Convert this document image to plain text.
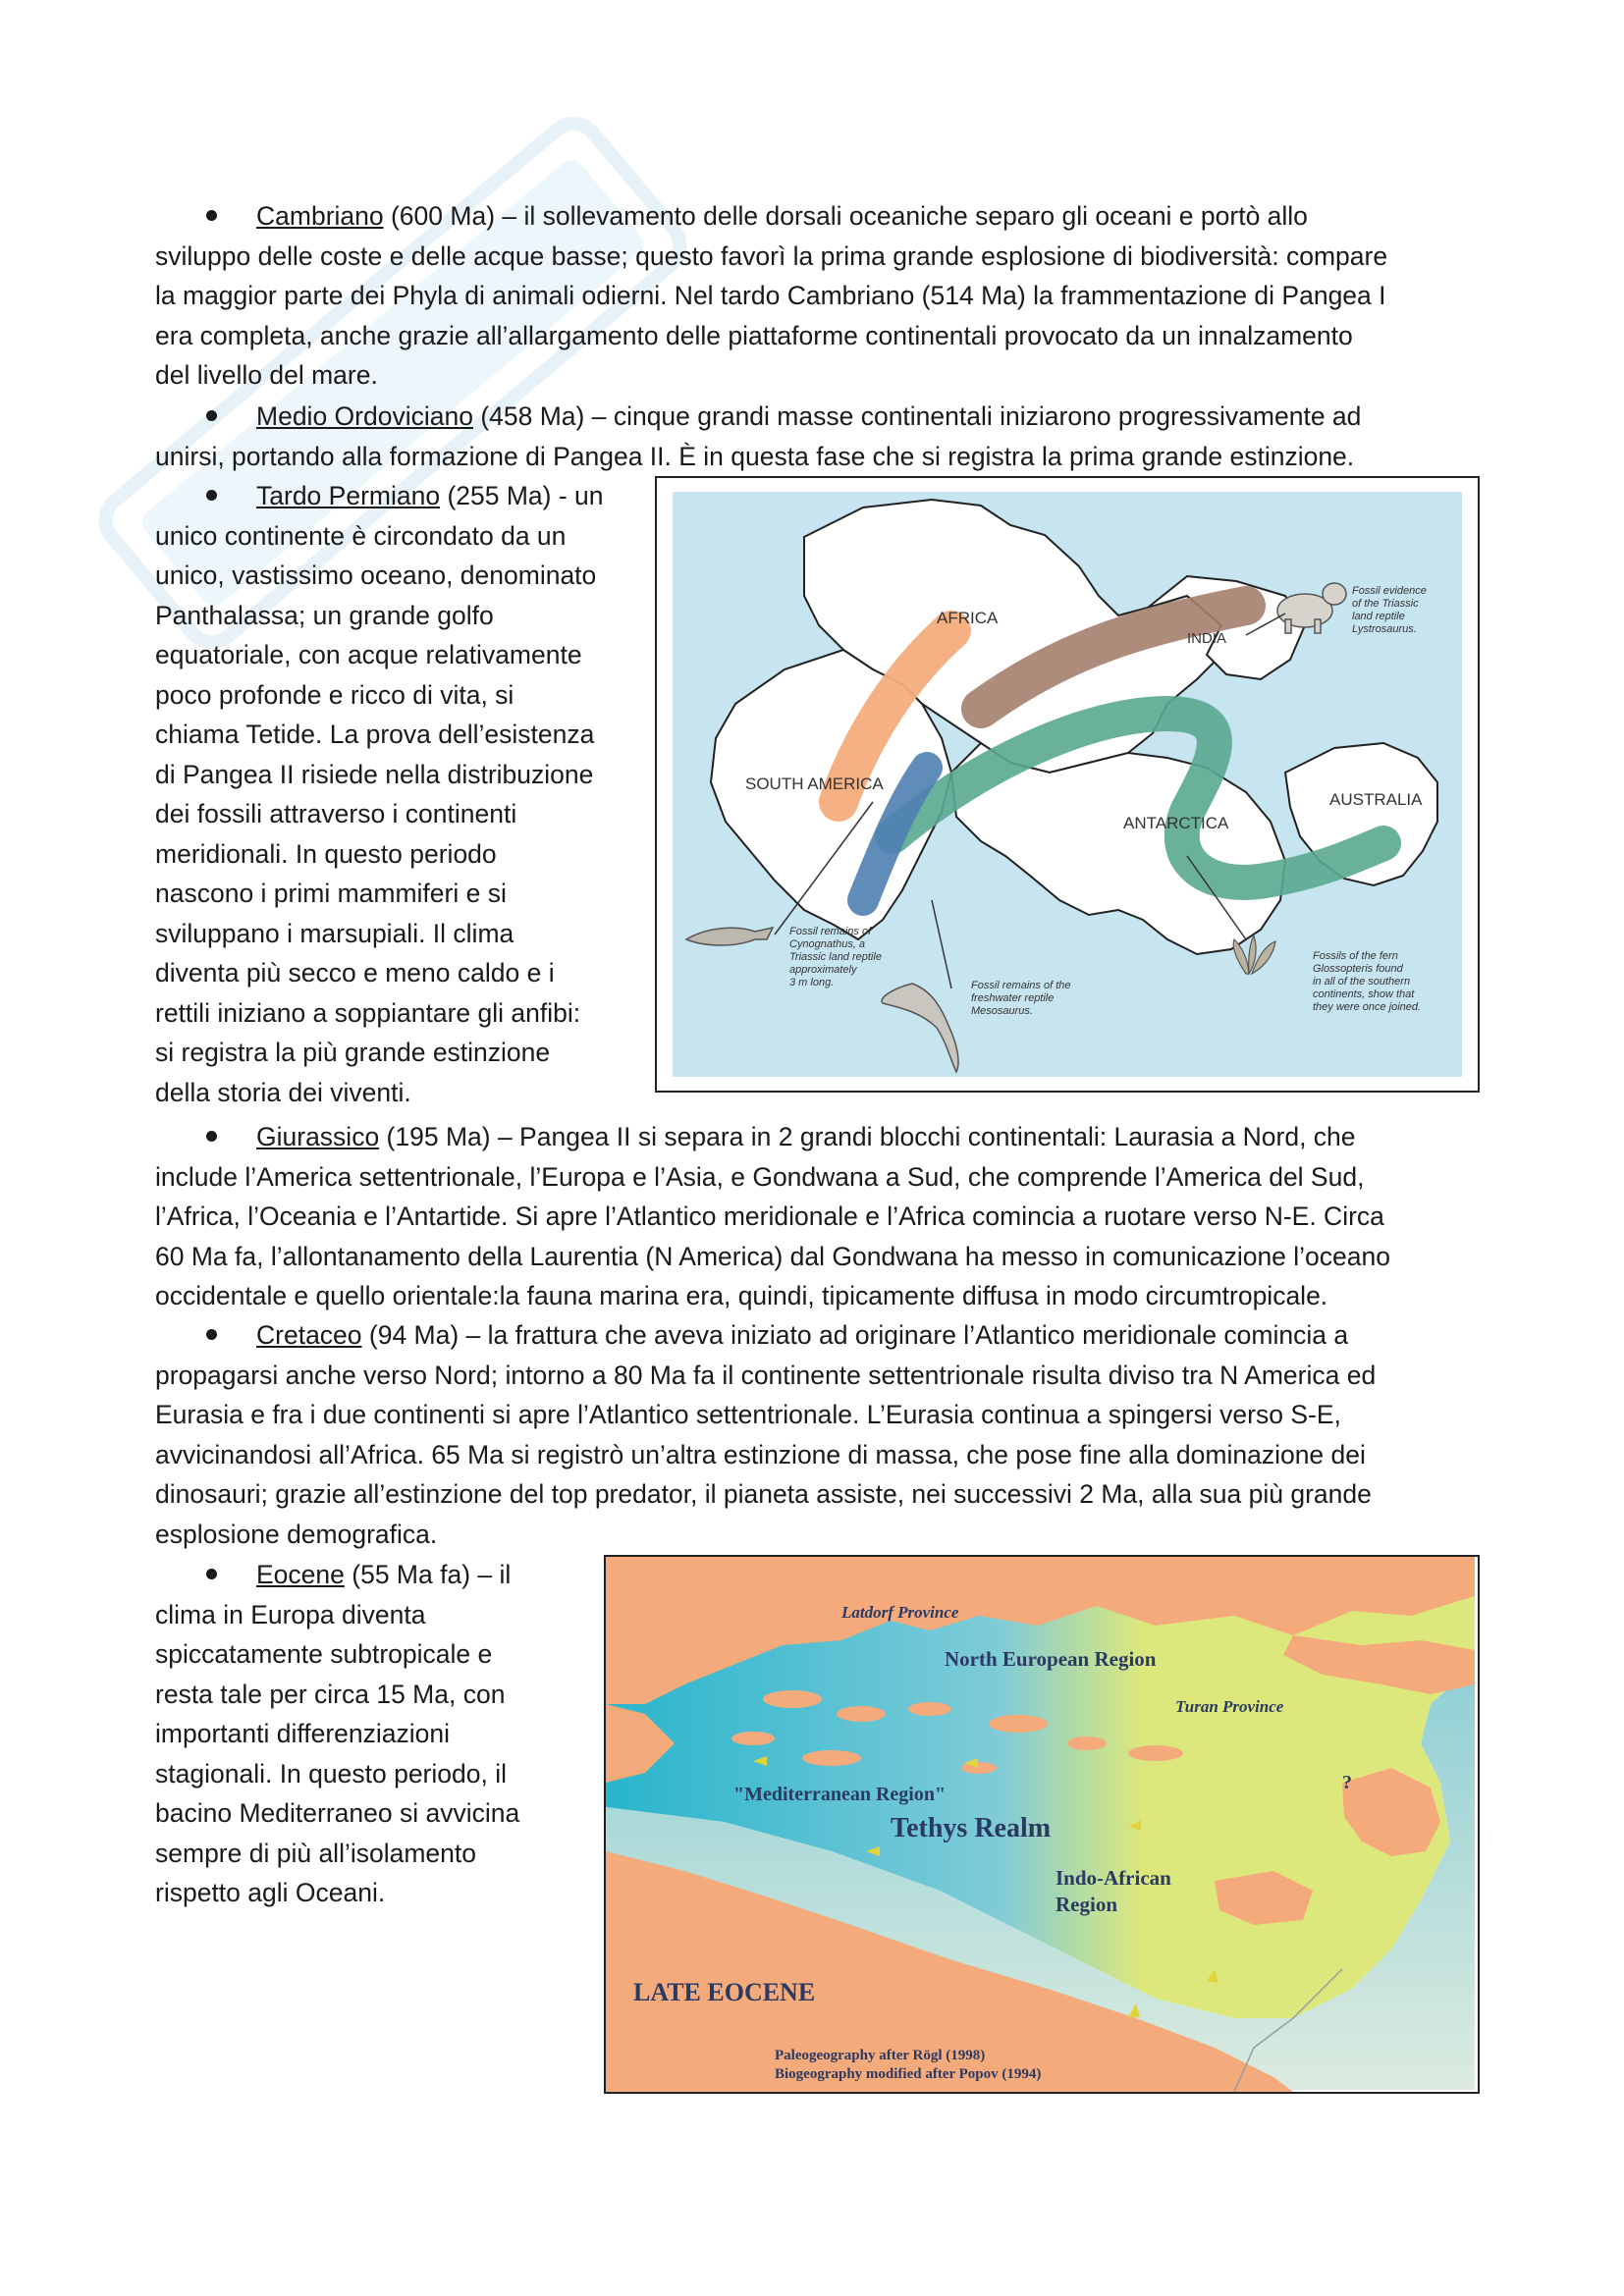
Cambriano (600 Ma) – il sollevamento delle dorsali oceaniche separo gli oceani e portò allo
sviluppo delle coste e delle acque basse; questo favorì la prima grande esplosione di biodiversità: compare
la maggior parte dei Phyla di animali odierni. Nel tardo Cambriano (514 Ma) la frammentazione di Pangea I
era completa, anche grazie all’allargamento delle piattaforme continentali provocato da un innalzamento
del livello del mare.
Medio Ordoviciano (458 Ma) – cinque grandi masse continentali iniziarono progressivamente ad
unirsi, portando alla formazione di Pangea II. È in questa fase che si registra la prima grande estinzione.
Tardo Permiano (255 Ma) - un
unico continente è circondato da un
unico, vastissimo oceano, denominato
Panthalassa; un grande golfo
equatoriale, con acque relativamente
poco profonde e ricco di vita, si
chiama Tetide. La prova dell’esistenza
di Pangea II risiede nella distribuzione
dei fossili attraverso i continenti
meridionali. In questo periodo
nascono i primi mammiferi e si
sviluppano i marsupiali. Il clima
diventa più secco e meno caldo e i
rettili iniziano a soppiantare gli anfibi:
si registra la più grande estinzione
della storia dei viventi.
AFRICA
INDIA
SOUTH AMERICA
ANTARCTICA
AUSTRALIA
Fossil evidence of the Triassic land reptile Lystrosaurus.
Fossil remains of Cynognathus, a Triassic land reptile approximately 3 m long.	Fossil remains of the freshwater reptile Mesosaurus.
Fossils of the fern Glossopteris found in all of the southern continents, show that they were once joined.
Giurassico (195 Ma) – Pangea II si separa in 2 grandi blocchi continentali: Laurasia a Nord, che
include l’America settentrionale, l’Europa e l’Asia, e Gondwana a Sud, che comprende l’America del Sud,
l’Africa, l’Oceania e l’Antartide. Si apre l’Atlantico meridionale e l’Africa comincia a ruotare verso N-E. Circa
60 Ma fa, l’allontanamento della Laurentia (N America) dal Gondwana ha messo in comunicazione l’oceano
occidentale e quello orientale:la fauna marina era, quindi, tipicamente diffusa in modo circumtropicale.
Cretaceo (94 Ma) – la frattura che aveva iniziato ad originare l’Atlantico meridionale comincia a
propagarsi anche verso Nord; intorno a 80 Ma fa il continente settentrionale risulta diviso tra N America ed
Eurasia e fra i due continenti si apre l’Atlantico settentrionale. L’Eurasia continua a spingersi verso S-E,
avvicinandosi all’Africa. 65 Ma si registrò un’altra estinzione di massa, che pose fine alla dominazione dei
dinosauri; grazie all’estinzione del top predator, il pianeta assiste, nei successivi 2 Ma, alla sua più grande
esplosione demografica.
Eocene (55 Ma fa) – il
clima in Europa diventa
spiccatamente subtropicale e
resta tale per circa 15 Ma, con
importanti differenziazioni
stagionali. In questo periodo, il
bacino Mediterraneo si avvicina
sempre di più all’isolamento
rispetto agli Oceani.
Latdorf Province
North European Region
Turan Province
?
"Mediterranean Region"
Tethys Realm
Indo-African Region
LATE EOCENE
Paleogeography after Rögl (1998)
Biogeography modified after Popov (1994)
